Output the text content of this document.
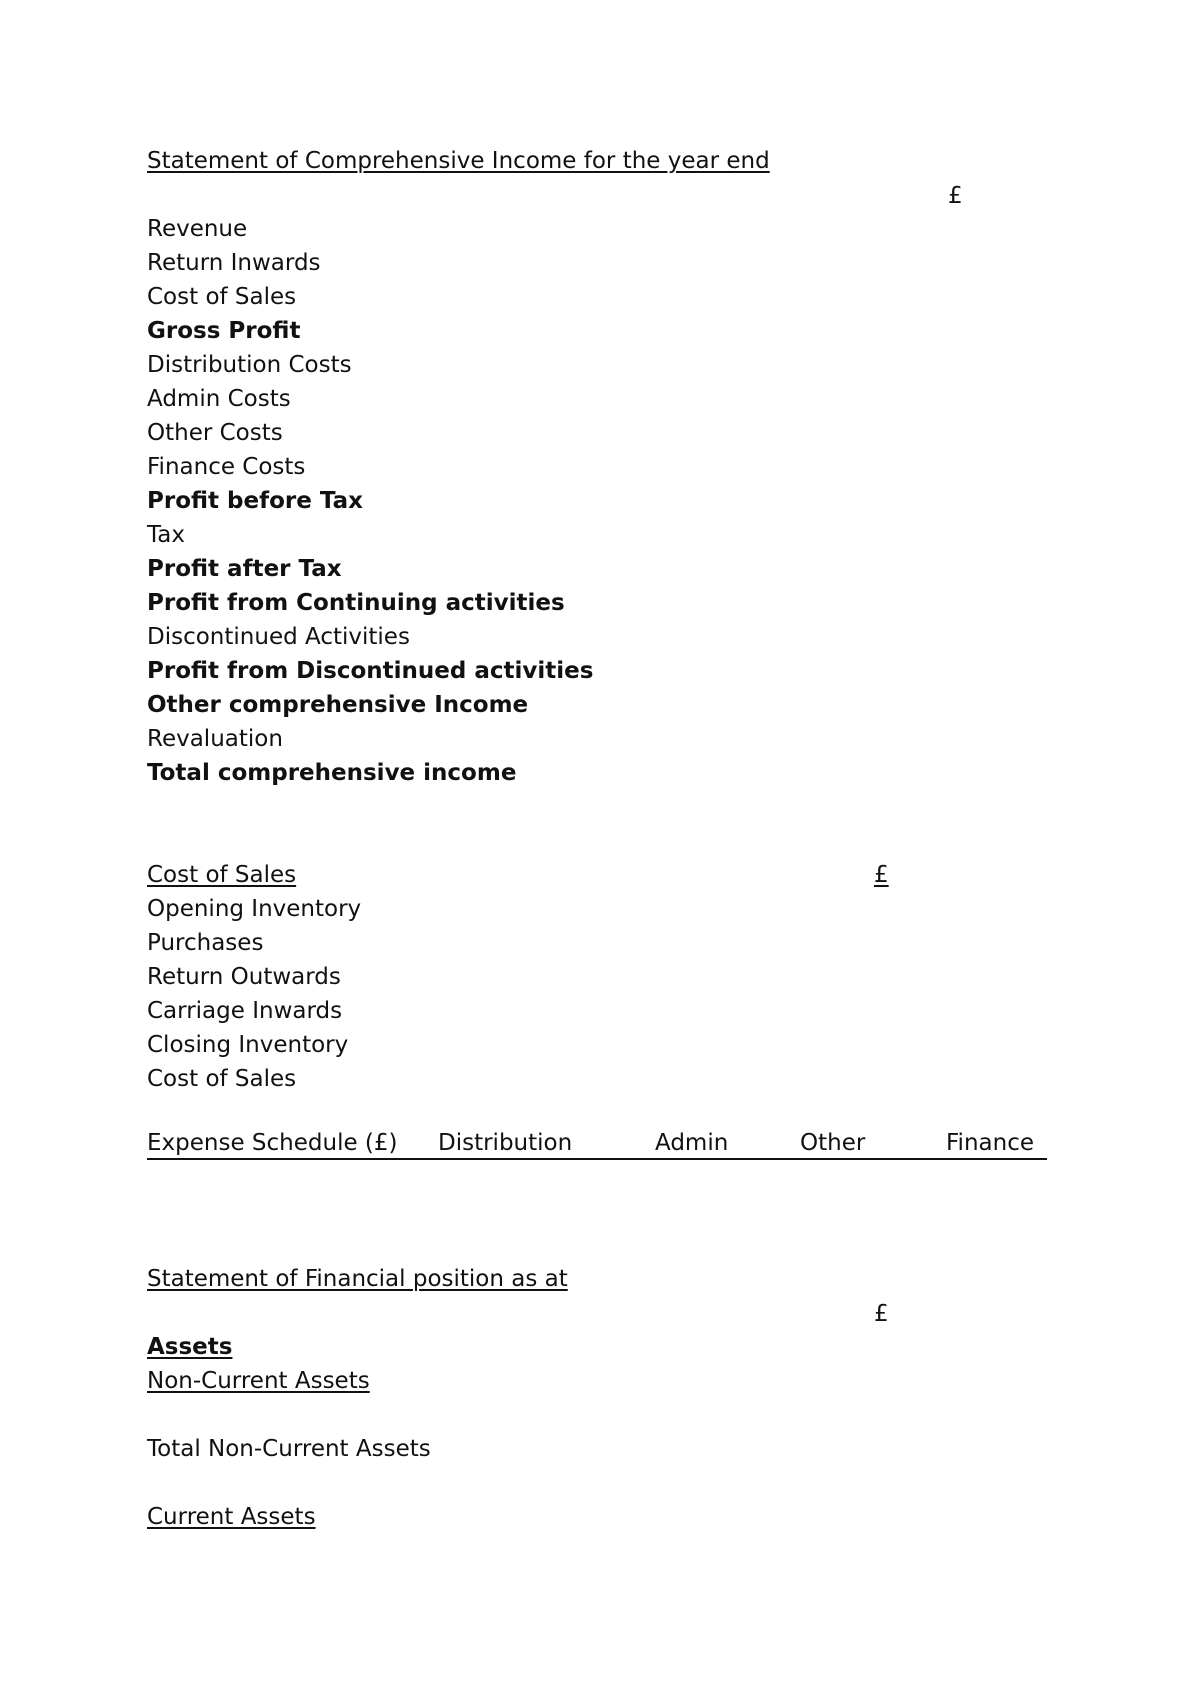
Statement of Comprehensive Income for the year end
£
Revenue
Return Inwards
Cost of Sales
Gross Profit
Distribution Costs
Admin Costs
Other Costs
Finance Costs
Profit before Tax
Tax
Profit after Tax
Profit from Continuing activities
Discontinued Activities
Profit from Discontinued activities
Other comprehensive Income
Revaluation
Total comprehensive income
Cost of Sales	£
Opening Inventory
Purchases
Return Outwards
Carriage Inwards
Closing Inventory
Cost of Sales
Expense Schedule (£) Distribution	Admin	Other	Finance
Statement of Financial position as at
£
Assets
Non-Current Assets
Total Non-Current Assets
Current Assets
